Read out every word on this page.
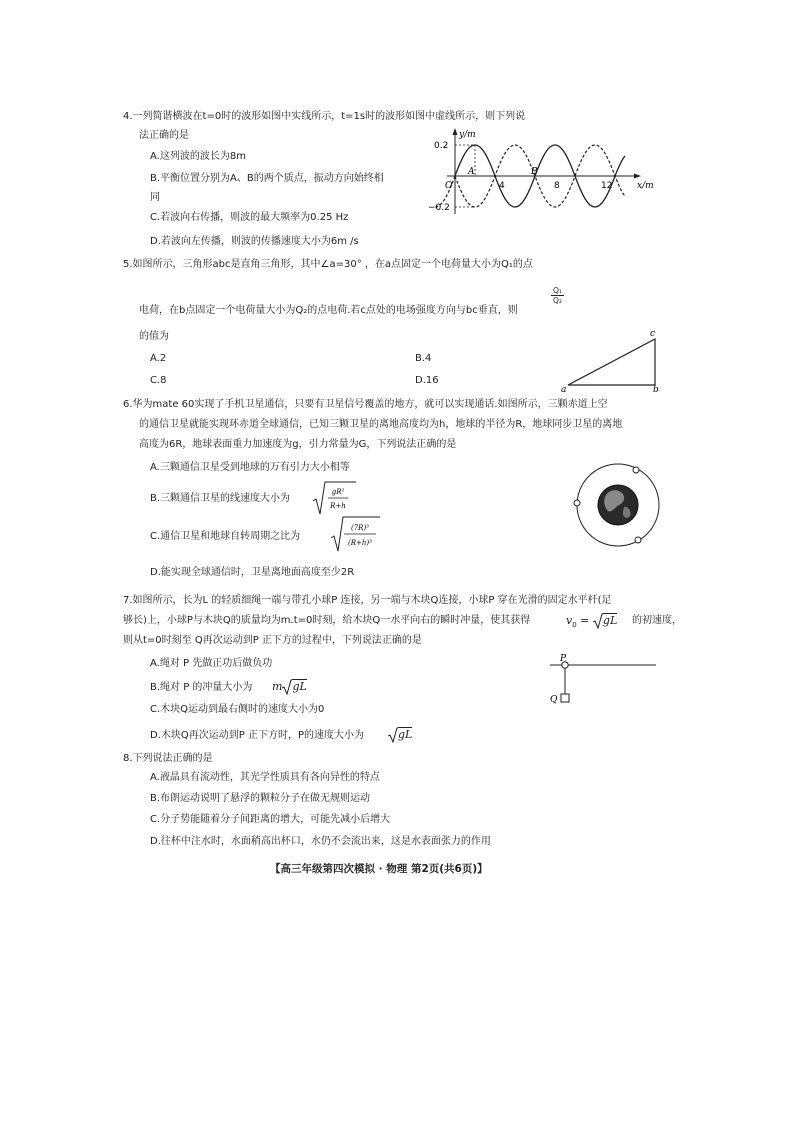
4.一列简谐横波在t=0时的波形如图中实线所示，t=1s时的波形如图中虚线所示，则下列说
法正确的是
A.这列波的波长为8m
B.平衡位置分别为A、B的两个质点，振动方向始终相
同
C.若波向右传播，则波的最大频率为0.25 Hz
D.若波向左传播，则波的传播速度大小为6m /s
y/m
x/m
0.2
−0.2
O	4	8	12
A	B
5.如图所示，三角形abc是直角三角形，其中∠a=30° ，在a点固定一个电荷量大小为Q₁的点
电荷，在b点固定一个电荷量大小为Q₂的点电荷.若c点处的电场强度方向与bc垂直，则
$\frac{\text{Q₁}}{\text{Q₂}}$
的值为
A.2	B.4
C.8	D.16
a	b
c
6.华为mate 60实现了手机卫星通信，只要有卫星信号覆盖的地方，就可以实现通话.如图所示，三颗赤道上空
的通信卫星就能实现环赤道全球通信，已知三颗卫星的离地高度均为h，地球的半径为R，地球同步卫星的离地
高度为6R，地球表面重力加速度为g，引力常量为G，下列说法正确的是
A.三颗通信卫星受到地球的万有引力大小相等
B.三颗通信卫星的线速度大小为
gR²
R+h
C.通信卫星和地球自转周期之比为
(7R)³
(R+h)³
D.能实现全球通信时，卫星离地面高度至少2R
7.如图所示，长为L 的轻质细绳一端与带孔小球P 连接，另一端与木块Q连接，小球P 穿在光滑的固定水平杆(足
够长)上，小球P与木块Q的质量均为m.t=0时刻，给木块Q一水平向右的瞬时冲量，使其获得	$v_0$ = gL 的初速度，
则从t=0时刻至 Q再次运动到P 正下方的过程中，下列说法正确的是
A.绳对 P 先做正功后做负功
B.绳对 P 的冲量大小为 m gL
C.木块Q运动到最右侧时的速度大小为0
D.木块Q再次运动到P 正下方时，P的速度大小为	gL
P
Q
8.下列说法正确的是
A.液晶具有流动性，其光学性质具有各向异性的特点
B.布朗运动说明了悬浮的颗粒分子在做无规则运动
C.分子势能随着分子间距离的增大，可能先减小后增大
D.往杯中注水时，水面稍高出杯口，水仍不会流出来，这是水表面张力的作用
【高三年级第四次模拟 · 物理 第2页(共6页)】
